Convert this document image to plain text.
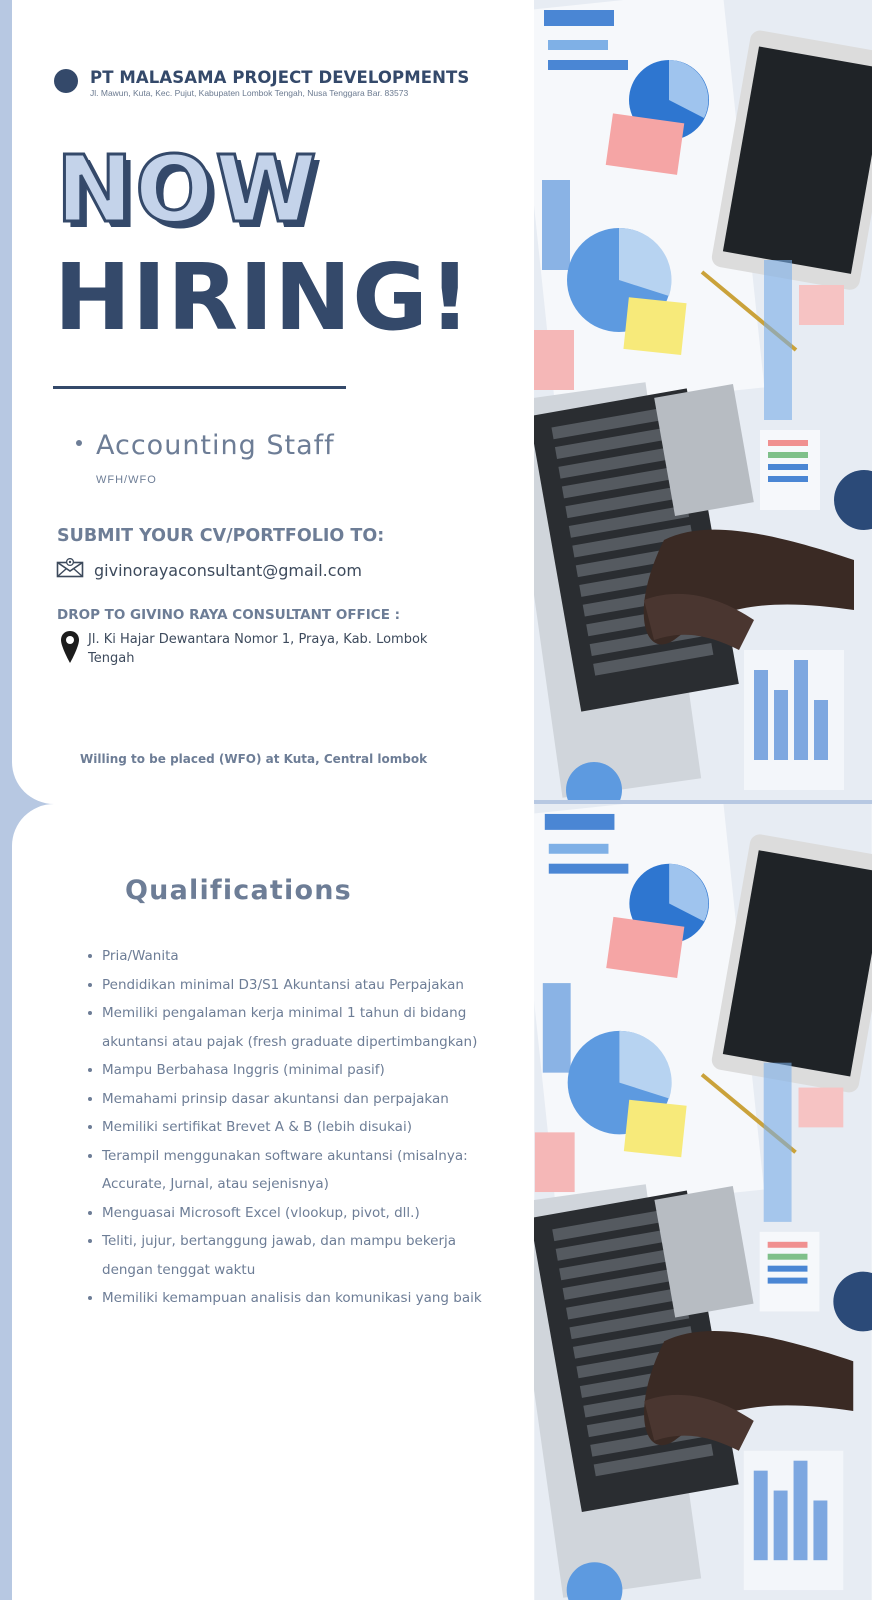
PT MALASAMA PROJECT DEVELOPMENTS
Jl. Mawun, Kuta, Kec. Pujut, Kabupaten Lombok Tengah, Nusa Tenggara Bar. 83573
NOW
HIRING!
Accounting Staff
WFH/WFO
SUBMIT YOUR CV/PORTFOLIO TO:
givinorayaconsultant@gmail.com
DROP TO GIVINO RAYA CONSULTANT OFFICE :
Jl. Ki Hajar Dewantara Nomor 1, Praya, Kab. Lombok Tengah
Willing to be placed (WFO) at Kuta, Central lombok
Qualifications
Pria/Wanita
Pendidikan minimal D3/S1 Akuntansi atau Perpajakan
Memiliki pengalaman kerja minimal 1 tahun di bidang akuntansi atau pajak (fresh graduate dipertimbangkan)
Mampu Berbahasa Inggris (minimal pasif)
Memahami prinsip dasar akuntansi dan perpajakan
Memiliki sertifikat Brevet A & B (lebih disukai)
Terampil menggunakan software akuntansi (misalnya: Accurate, Jurnal, atau sejenisnya)
Menguasai Microsoft Excel (vlookup, pivot, dll.)
Teliti, jujur, bertanggung jawab, dan mampu bekerja dengan tenggat waktu
Memiliki kemampuan analisis dan komunikasi yang baik
